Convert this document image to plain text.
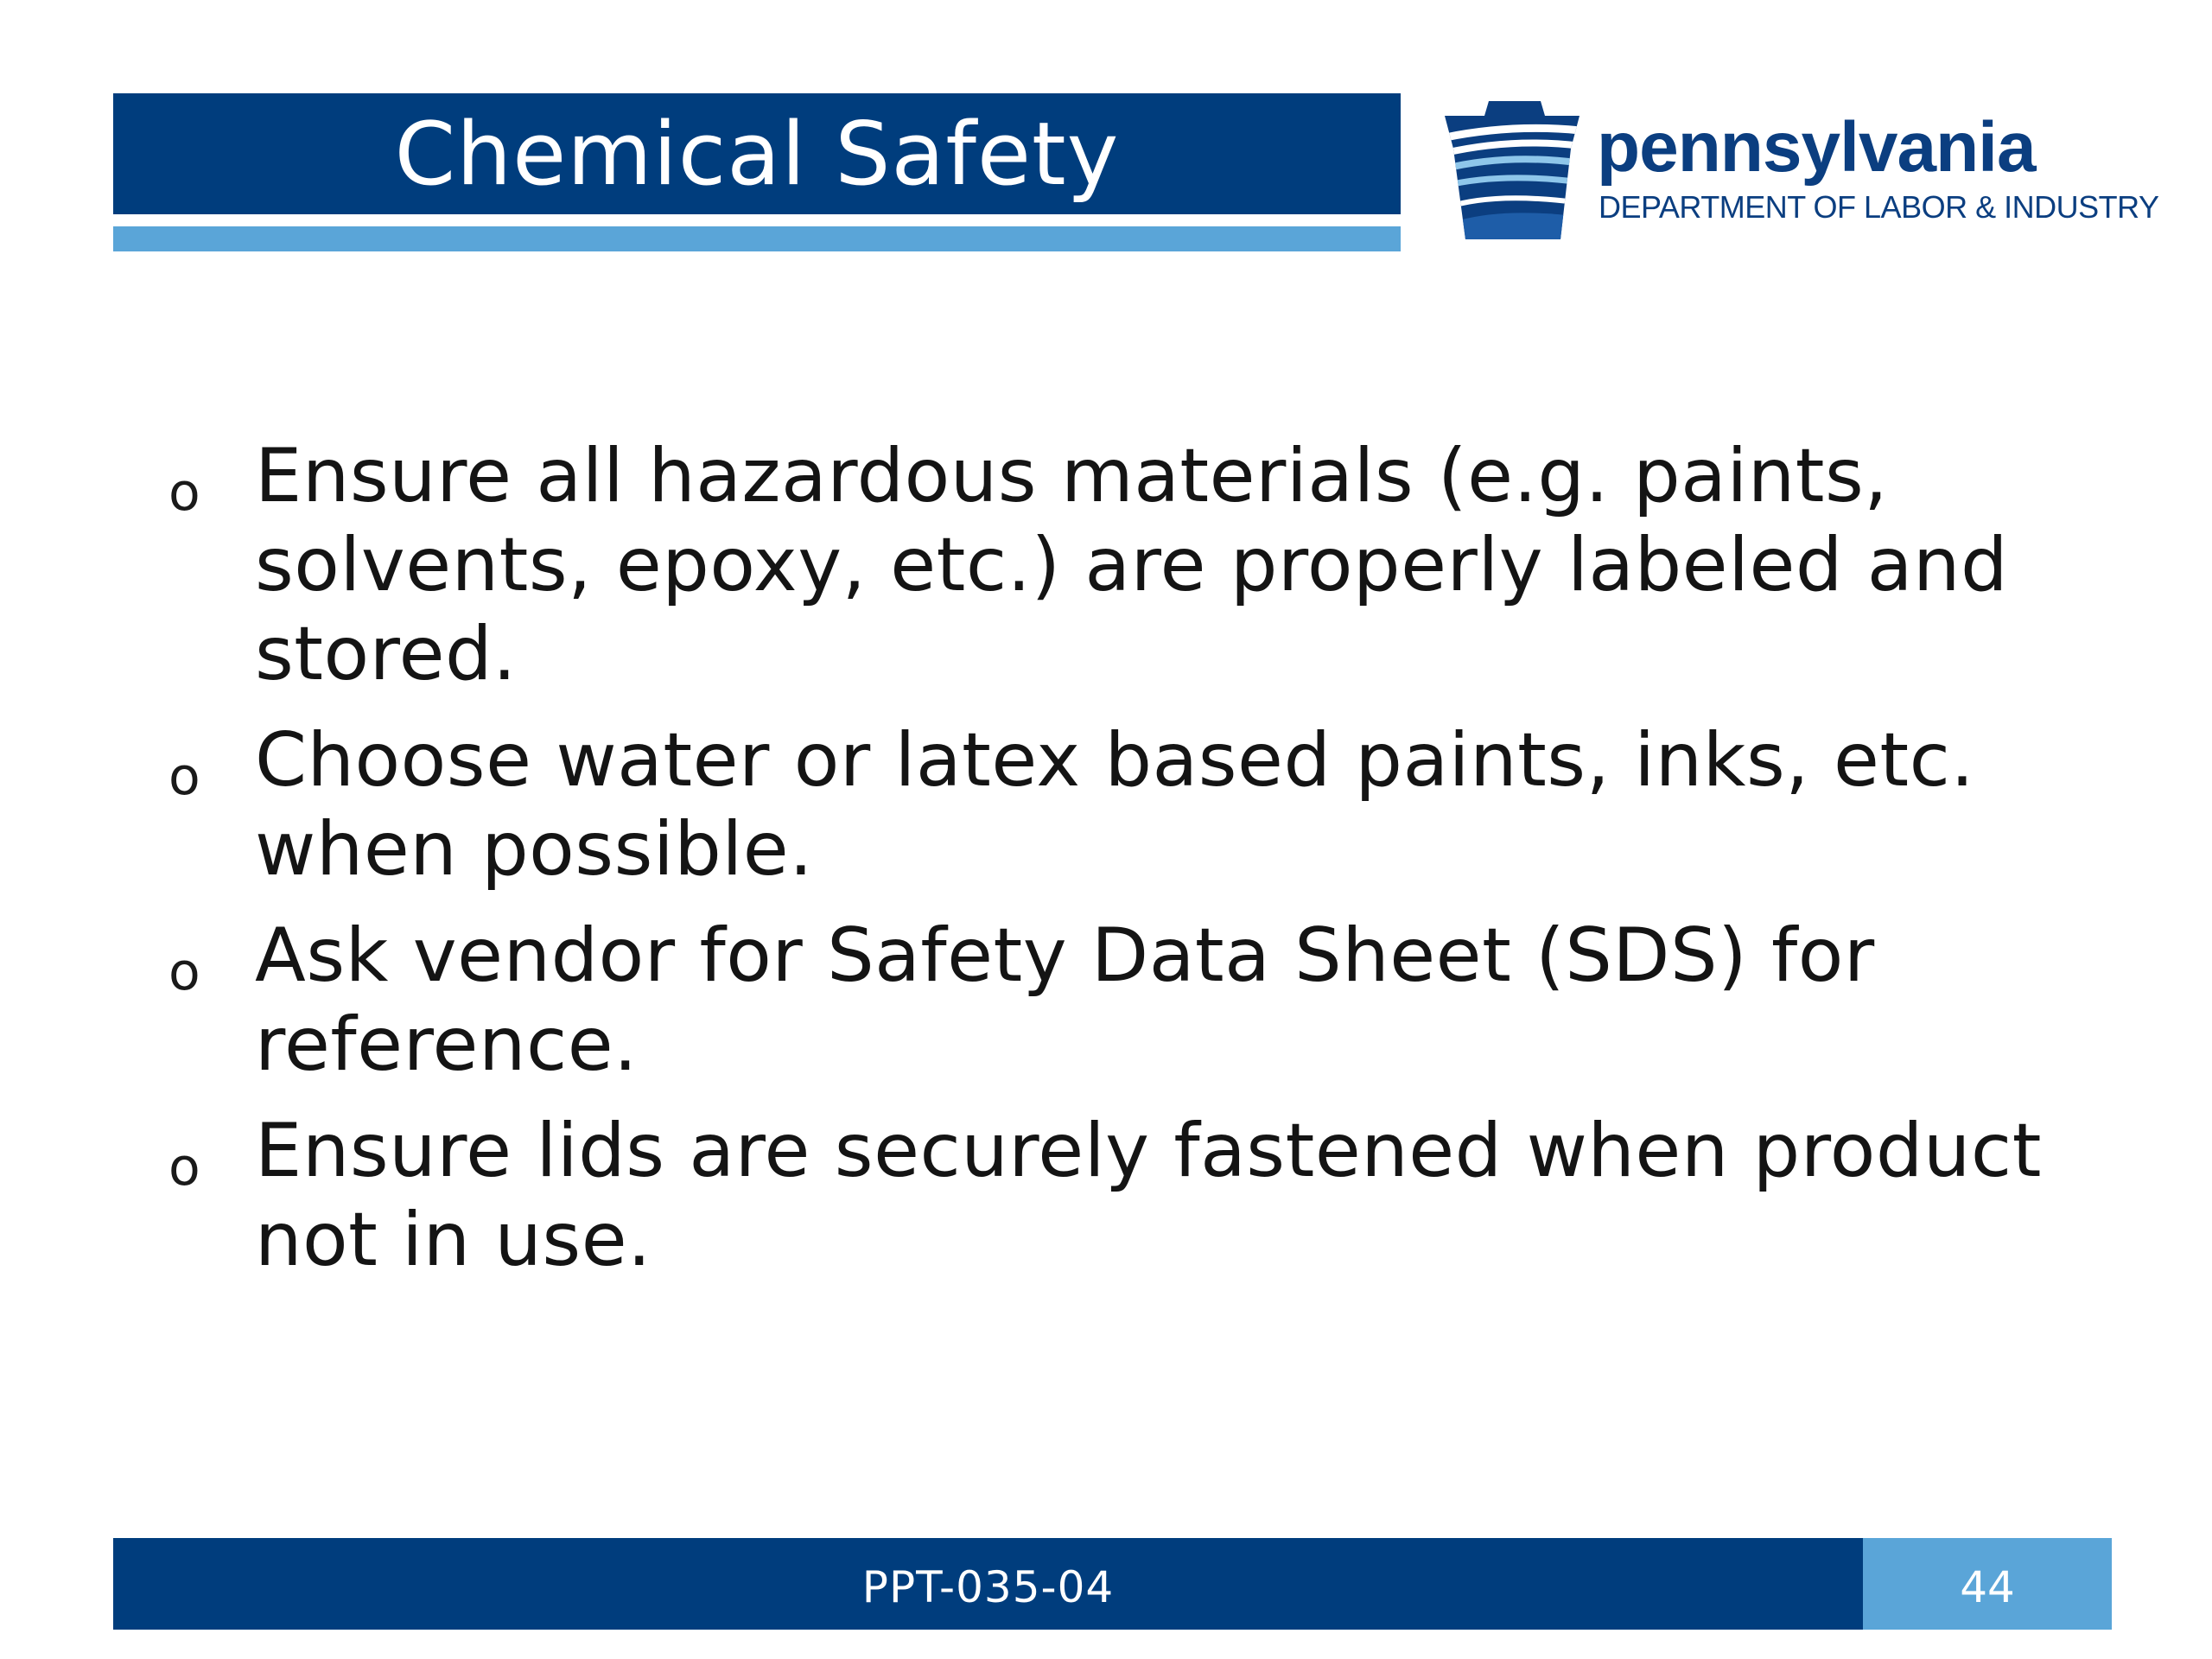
Chemical Safety	pennsylvania
DEPARTMENT OF LABOR & INDUSTRY
o Ensure all hazardous materials (e.g. paints,
solvents, epoxy, etc.) are properly labeled and
stored.
o Choose water or latex based paints, inks, etc.
when possible.
o Ask vendor for Safety Data Sheet (SDS) for
reference.
o Ensure lids are securely fastened when product
not in use.
PPT-035-04	44
